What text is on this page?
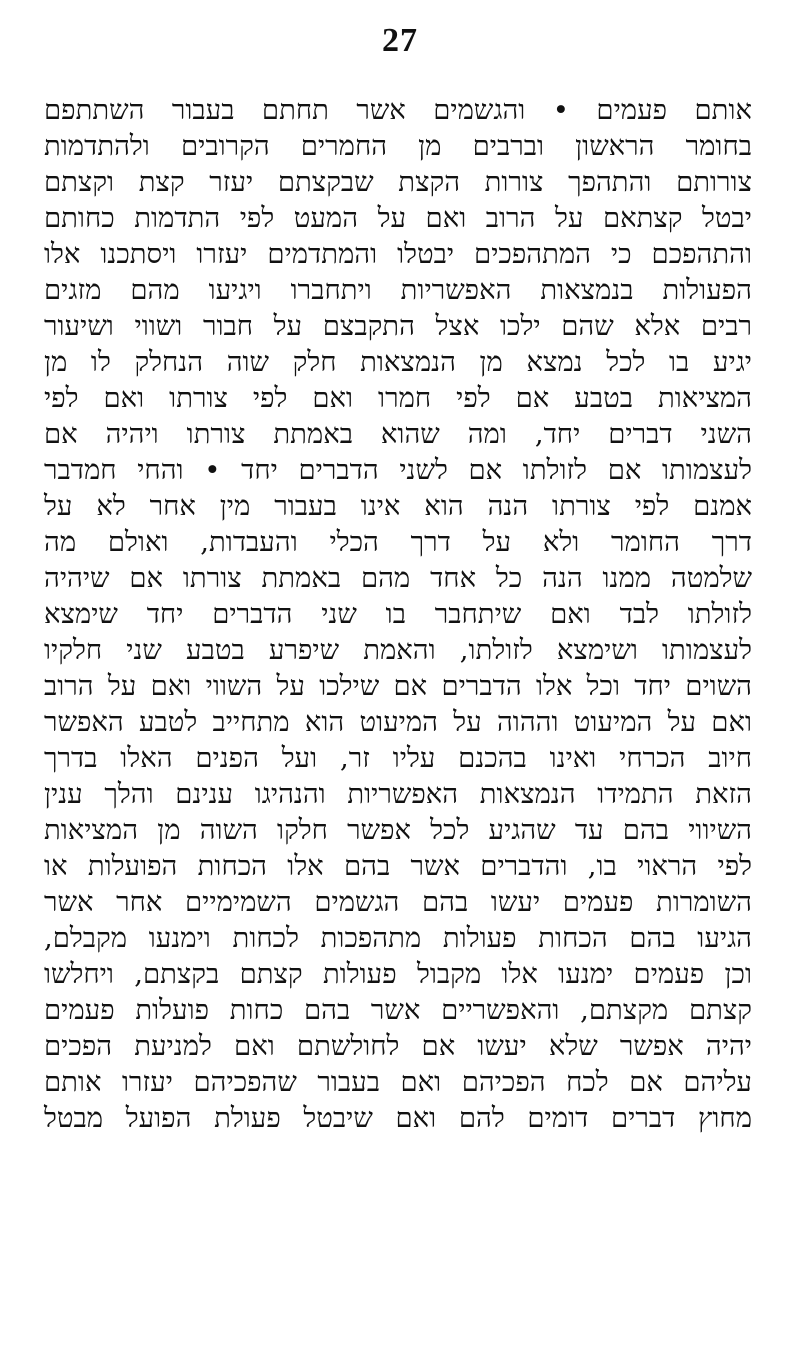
27
אותם פעמים • והגשמים אשר תחתם בעבור השתתפם
בחומר הראשון וברבים מן החמרים הקרובים ולהתדמות
צורותם והתהפך צורות הקצת שבקצתם יעזר קצת וקצתם
יבטל קצתאם על הרוב ואם על המעט לפי התדמות כחותם
והתהפכם כי המתהפכים יבטלו והמתדמים יעזרו ויסתכנו אלו
הפעולות בנמצאות האפשריות ויתחברו ויגיעו מהם מזגים
רבים אלא שהם ילכו אצל התקבצם על חבור ושווי ושיעור
יגיע בו לכל נמצא מן הנמצאות חלק שוה הנחלק לו מן
המציאות בטבע אם לפי חמרו ואם לפי צורתו ואם לפי
השני דברים יחד, ומה שהוא באמתת צורתו ויהיה אם
לעצמותו אם לזולתו אם לשני הדברים יחד • והחי חמדבר
אמנם לפי צורתו הנה הוא אינו בעבור מין אחר לא על
דרך החומר ולא על דרך הכלי והעבדות, ואולם מה
שלמטה ממנו הנה כל אחד מהם באמתת צורתו אם שיהיה
לזולתו לבד ואם שיתחבר בו שני הדברים יחד שימצא
לעצמותו ושימצא לזולתו, והאמת שיפרע בטבע שני חלקיו
השוים יחד וכל אלו הדברים אם שילכו על השווי ואם על הרוב
ואם על המיעוט וההוה על המיעוט הוא מתחייב לטבע האפשר
חיוב הכרחי ואינו בהכנם עליו זר, ועל הפנים האלו בדרך
הזאת התמידו הנמצאות האפשריות והנהיגו ענינם והלך ענין
השיווי בהם עד שהגיע לכל אפשר חלקו השוה מן המציאות
לפי הראוי בו, והדברים אשר בהם אלו הכחות הפועלות או
השומרות פעמים יעשו בהם הגשמים השמימיים אחר אשר
הגיעו בהם הכחות פעולות מתהפכות לכחות וימנעו מקבלם,
וכן פעמים ימנעו אלו מקבול פעולות קצתם בקצתם, ויחלשו
קצתם מקצתם, והאפשריים אשר בהם כחות פועלות פעמים
יהיה אפשר שלא יעשו אם לחולשתם ואם למניעת הפכים
עליהם אם לכח הפכיהם ואם בעבור שהפכיהם יעזרו אותם
מחוץ דברים דומים להם ואם שיבטל פעולת הפועל מבטל
